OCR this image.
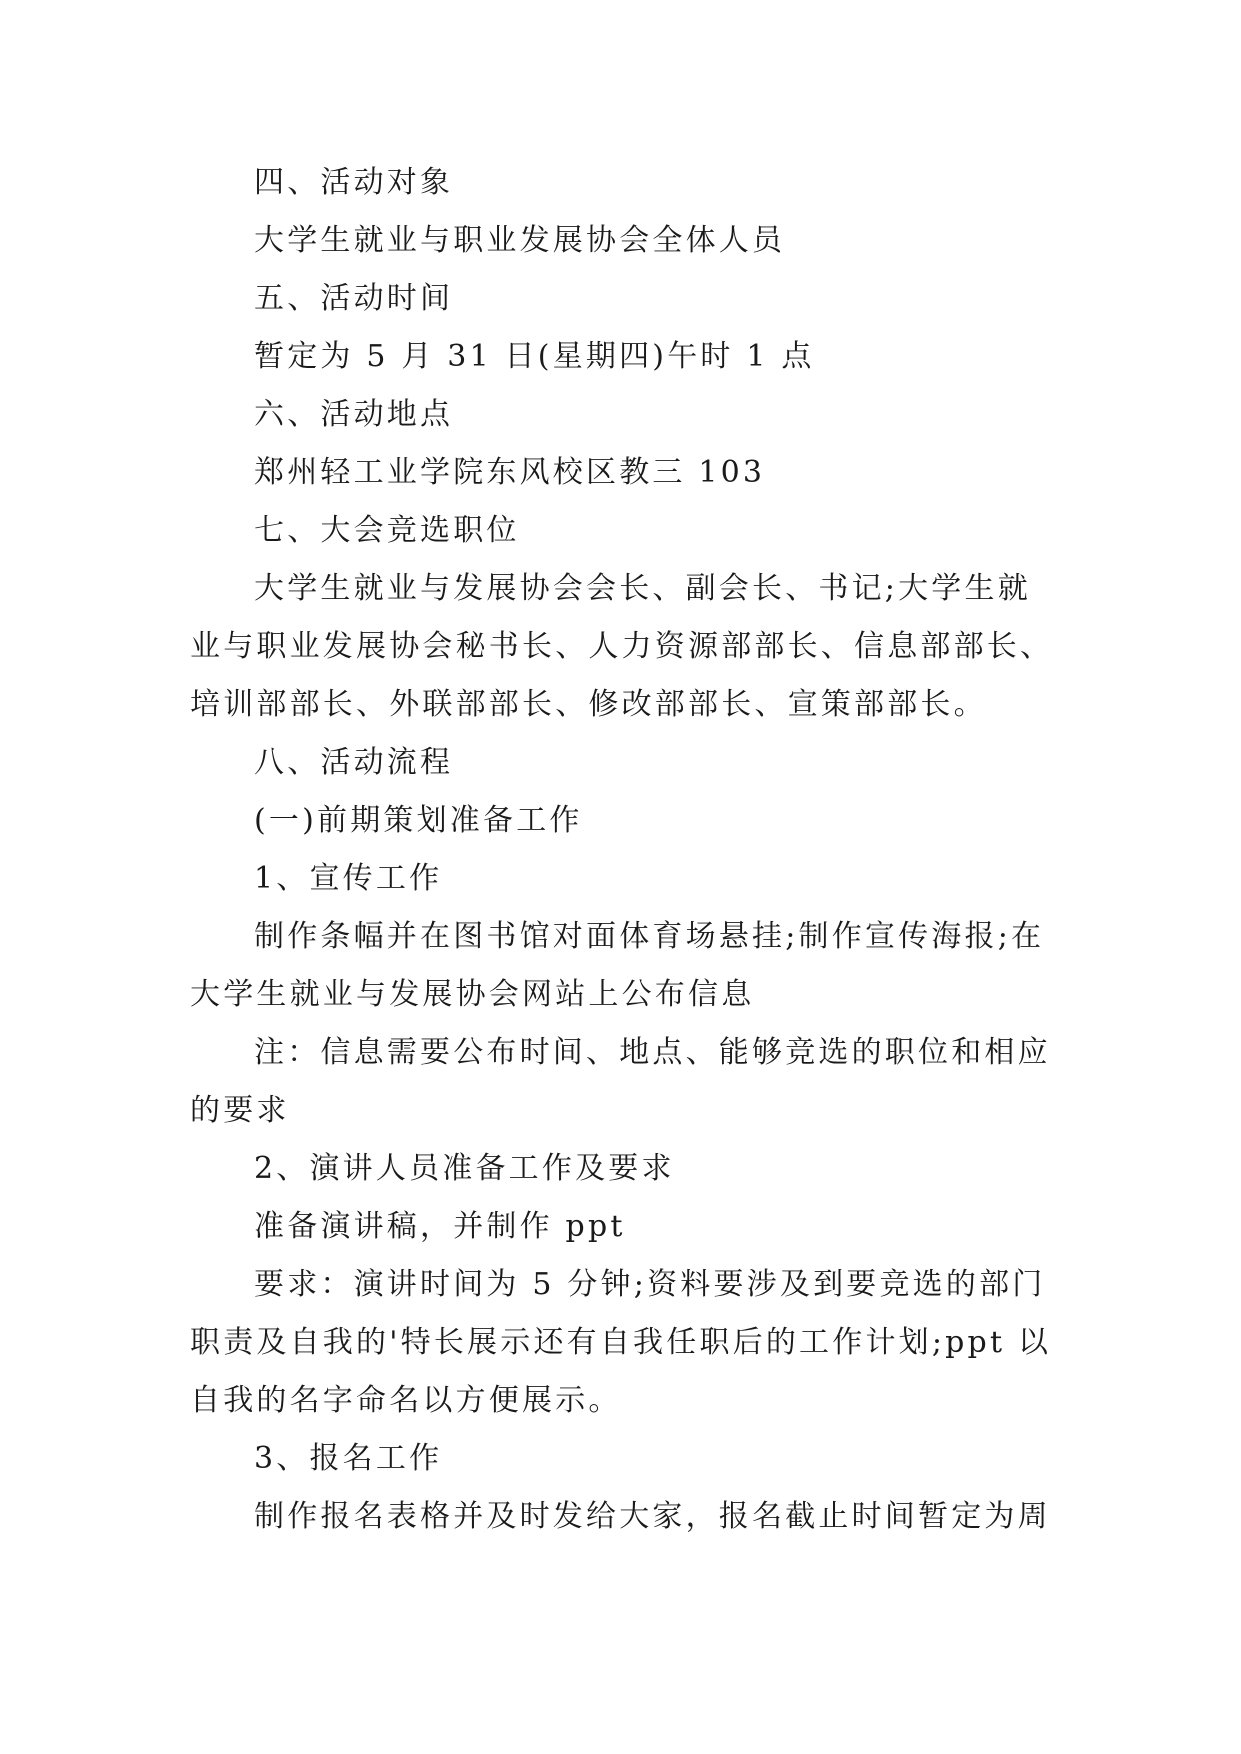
四、活动对象

大学生就业与职业发展协会全体人员

五、活动时间

暂定为 5 月 31 日(星期四)午时 1 点

六、活动地点

郑州轻工业学院东风校区教三 103

七、大会竞选职位

大学生就业与发展协会会长、副会长、书记;大学生就业与职业发展协会秘书长、人力资源部部长、信息部部长、培训部部长、外联部部长、修改部部长、宣策部部长。

八、活动流程

(一)前期策划准备工作

1、宣传工作

制作条幅并在图书馆对面体育场悬挂;制作宣传海报;在大学生就业与发展协会网站上公布信息

注：信息需要公布时间、地点、能够竞选的职位和相应的要求

2、演讲人员准备工作及要求

准备演讲稿，并制作 ppt

要求：演讲时间为 5 分钟;资料要涉及到要竞选的部门职责及自我的'特长展示还有自我任职后的工作计划;ppt 以自我的名字命名以方便展示。

3、报名工作

制作报名表格并及时发给大家，报名截止时间暂定为周
